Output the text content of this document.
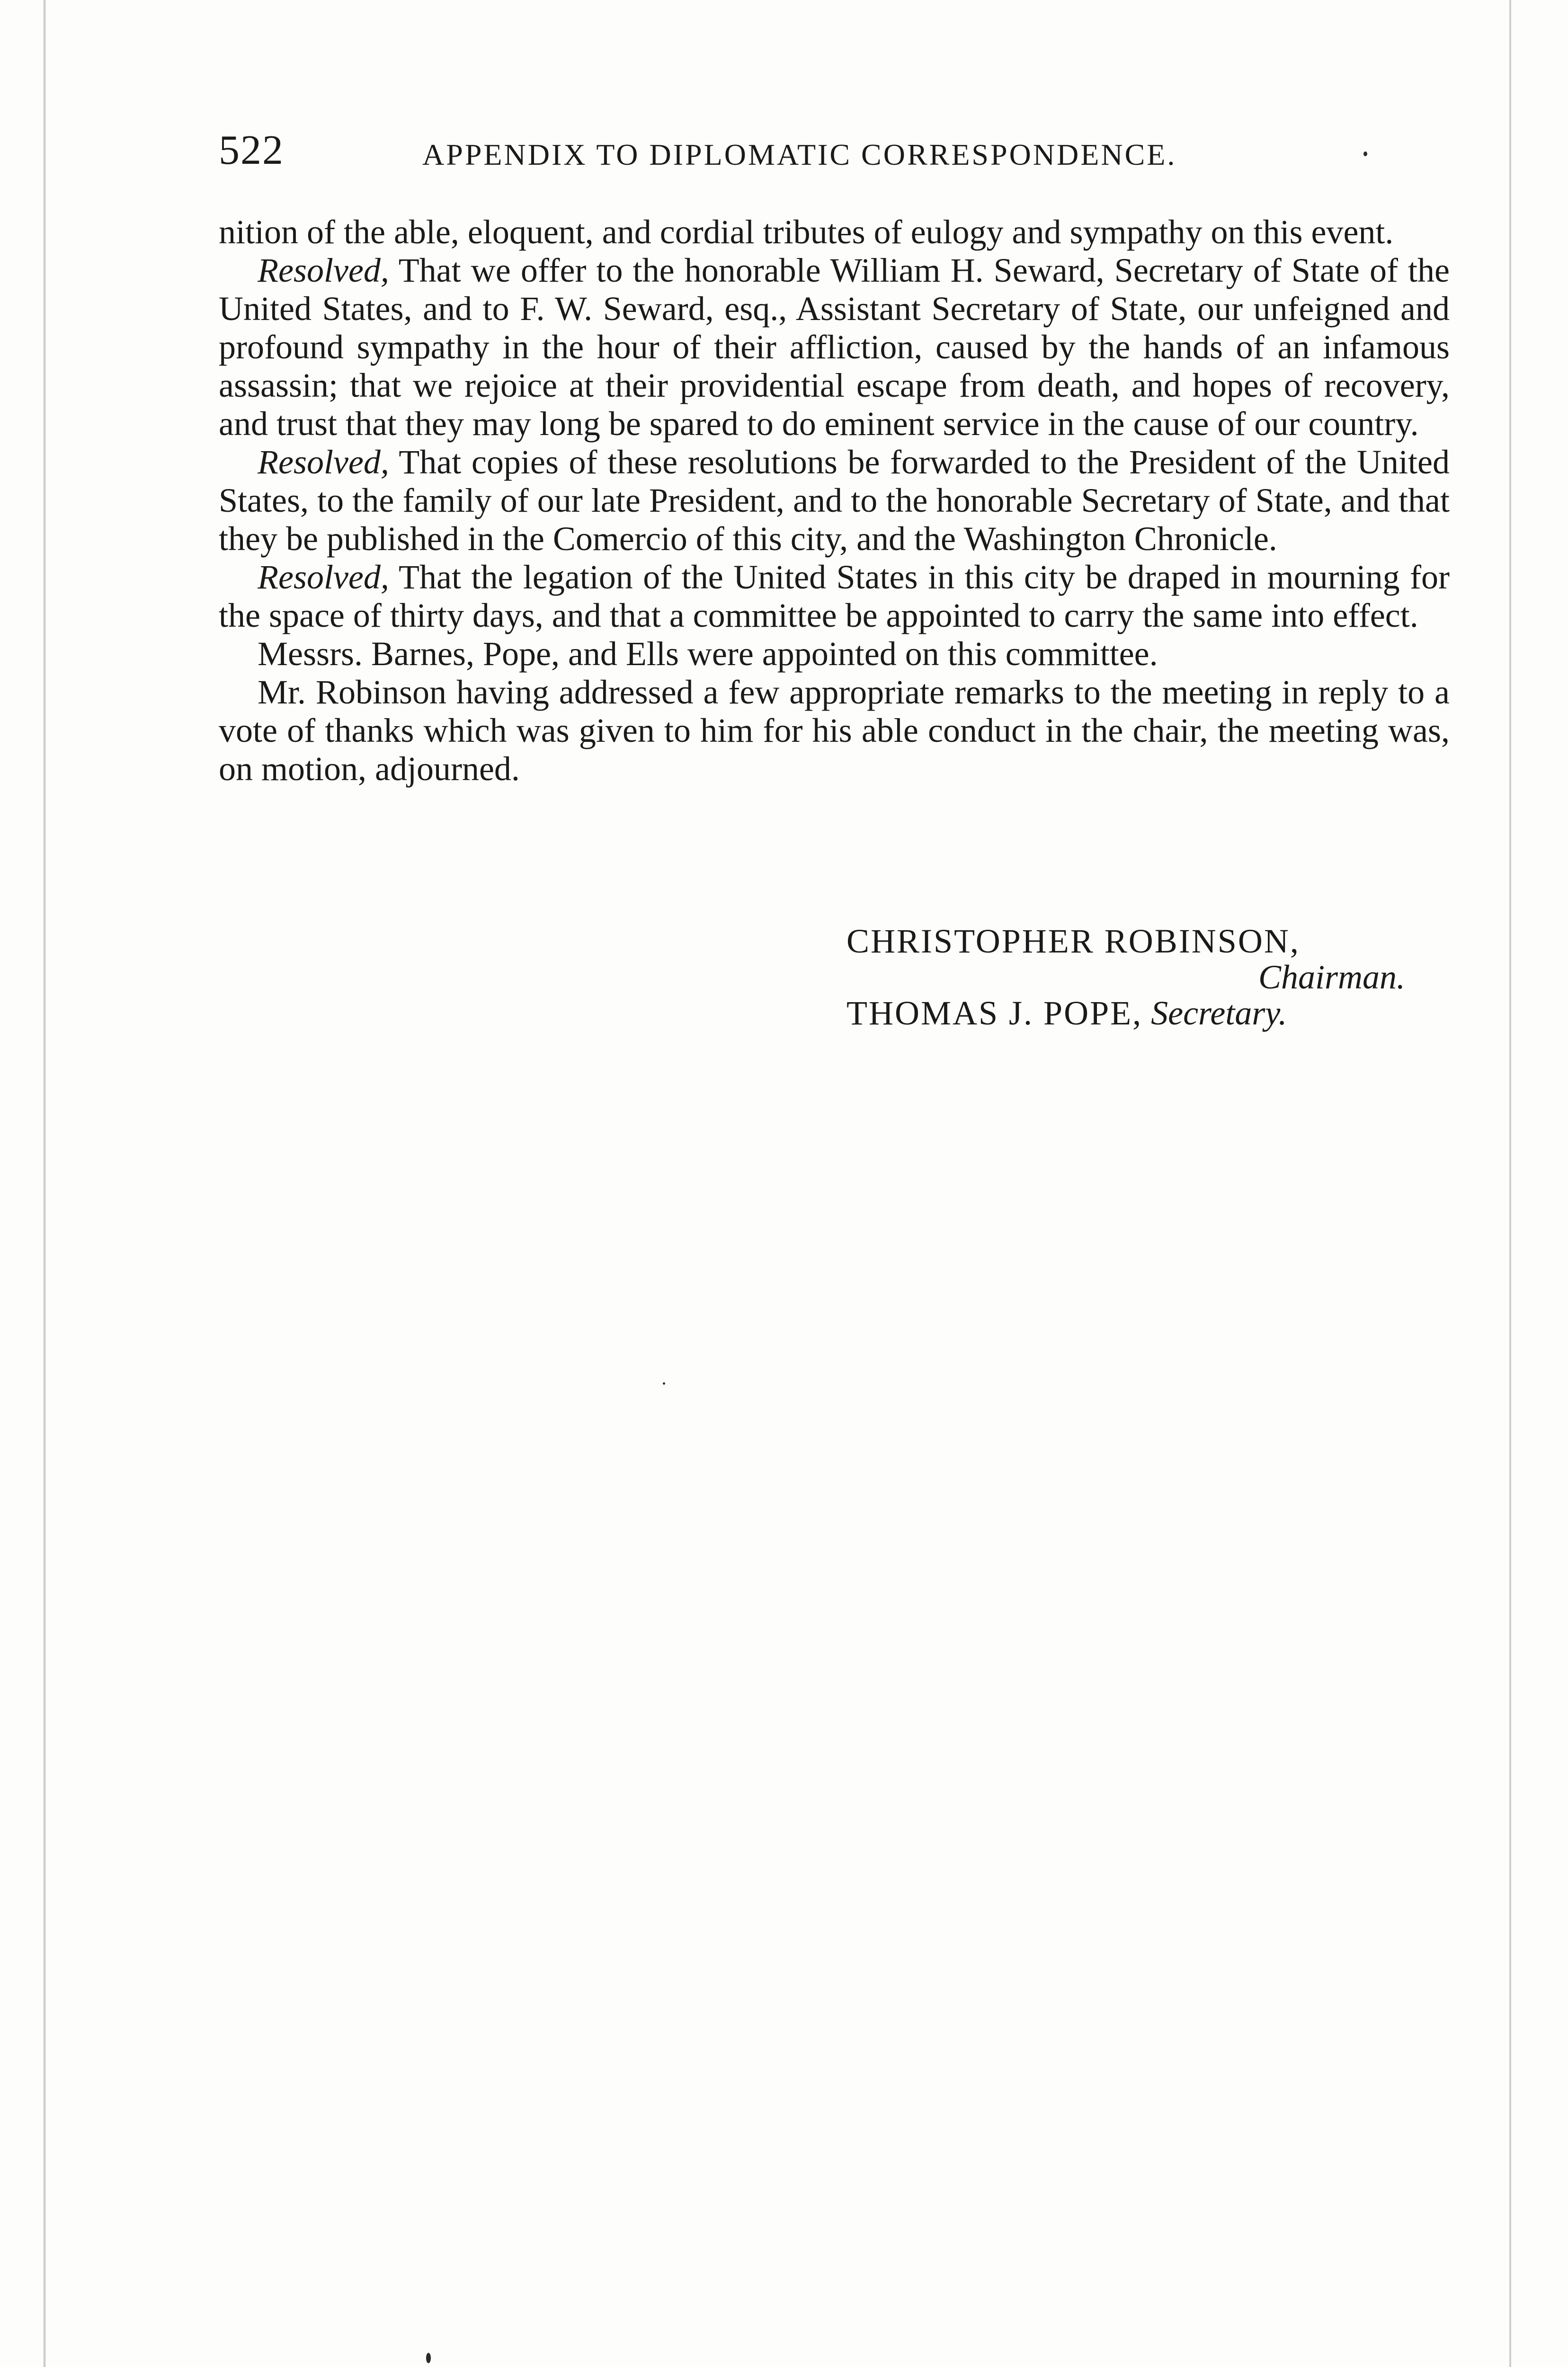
522	APPENDIX TO DIPLOMATIC CORRESPONDENCE.

nition of the able, eloquent, and cordial tributes of eulogy and sympathy on this event.

Resolved, That we offer to the honorable William H. Seward, Secretary of State of the United States, and to F. W. Seward, esq., Assistant Secretary of State, our unfeigned and profound sympathy in the hour of their affliction, caused by the hands of an infamous assassin; that we rejoice at their providential escape from death, and hopes of recovery, and trust that they may long be spared to do eminent service in the cause of our country.

Resolved, That copies of these resolutions be forwarded to the President of the United States, to the family of our late President, and to the honorable Secretary of State, and that they be published in the Comercio of this city, and the Washington Chronicle.

Resolved, That the legation of the United States in this city be draped in mourning for the space of thirty days, and that a committee be appointed to carry the same into effect.

Messrs. Barnes, Pope, and Ells were appointed on this committee.

Mr. Robinson having addressed a few appropriate remarks to the meeting in reply to a vote of thanks which was given to him for his able conduct in the chair, the meeting was, on motion, adjourned.

CHRISTOPHER ROBINSON,
Chairman.
THOMAS J. POPE, Secretary.
